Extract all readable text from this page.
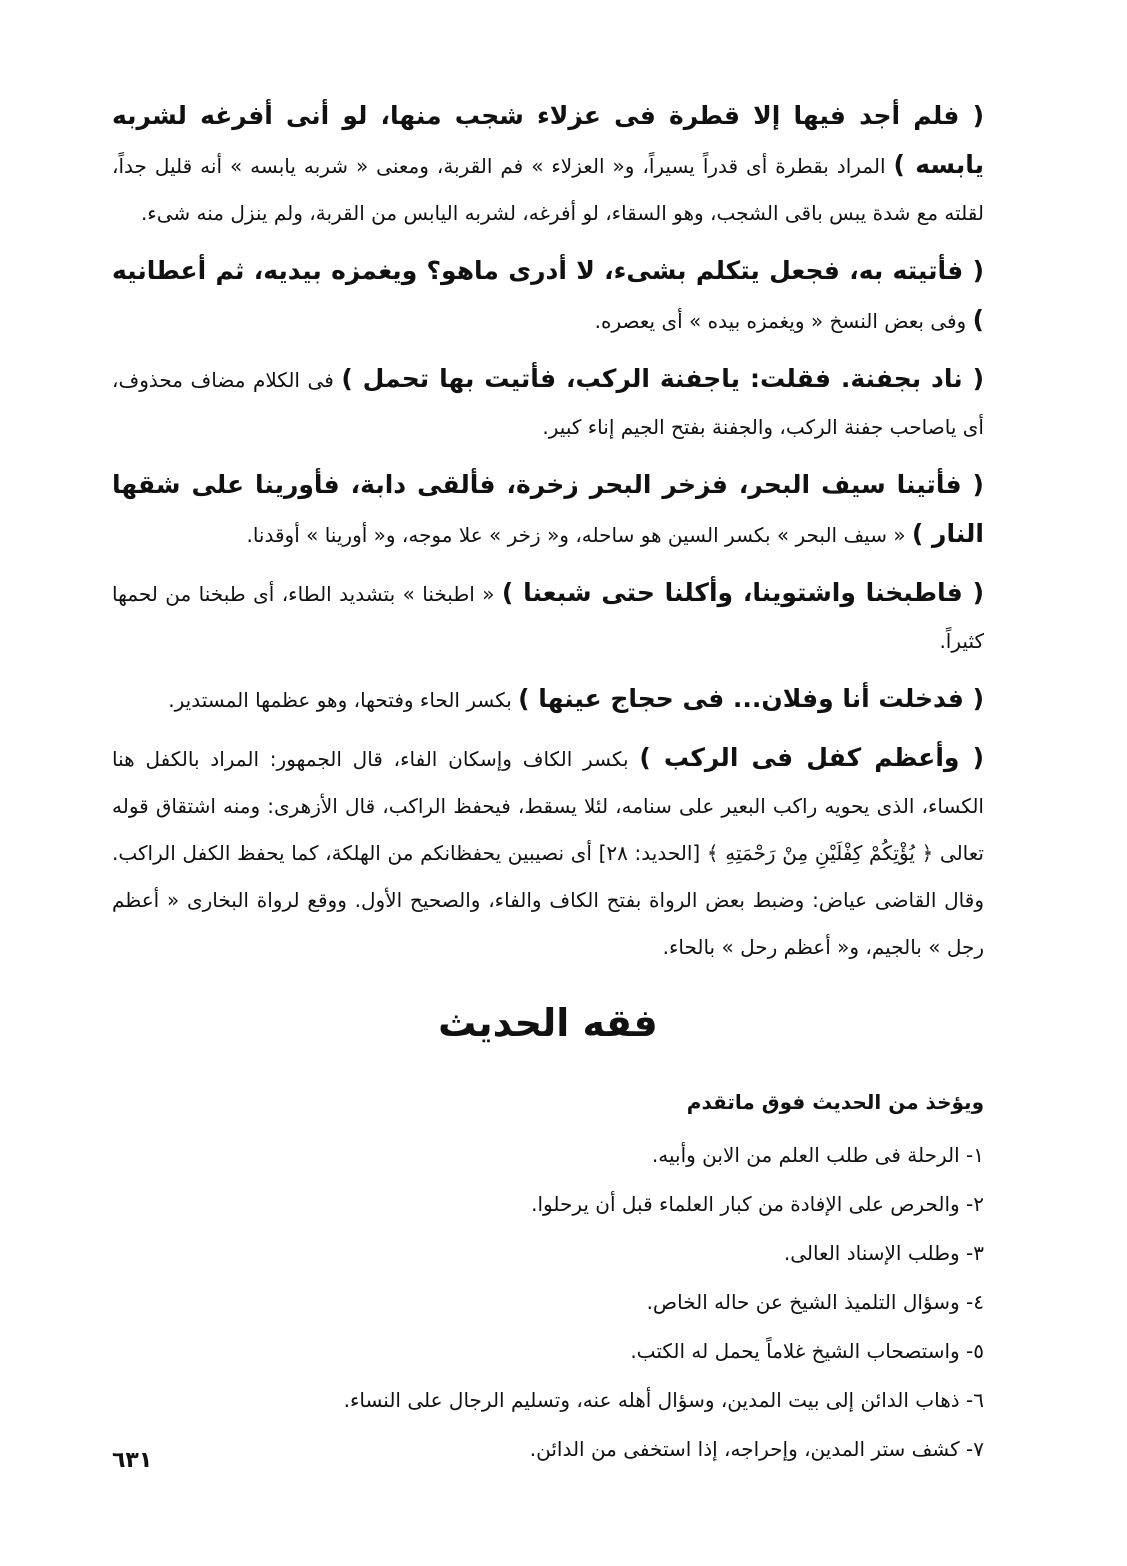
( فلم أجد فيها إلا قطرة فى عزلاء شجب منها، لو أنى أفرغه لشربه يابسه ) المراد بقطرة أى قدراً يسيراً، و« العزلاء » فم القربة، ومعنى « شربه يابسه » أنه قليل جداً، لقلته مع شدة يبس باقى الشجب، وهو السقاء، لو أفرغه، لشربه اليابس من القربة، ولم ينزل منه شىء.

( فأتيته به، فجعل يتكلم بشىء، لا أدرى ماهو؟ ويغمزه بيديه، ثم أعطانيه ) وفى بعض النسخ « ويغمزه بيده » أى يعصره.

( ناد بجفنة. فقلت: ياجفنة الركب، فأتيت بها تحمل ) فى الكلام مضاف محذوف، أى ياصاحب جفنة الركب، والجفنة بفتح الجيم إناء كبير.

( فأتينا سيف البحر، فزخر البحر زخرة، فألقى دابة، فأورينا على شقها النار ) « سيف البحر » بكسر السين هو ساحله، و« زخر » علا موجه، و« أورينا » أوقدنا.

( فاطبخنا واشتوينا، وأكلنا حتى شبعنا ) « اطبخنا » بتشديد الطاء، أى طبخنا من لحمها كثيراً.

( فدخلت أنا وفلان... فى حجاج عينها ) بكسر الحاء وفتحها، وهو عظمها المستدير.

( وأعظم كفل فى الركب ) بكسر الكاف وإسكان الفاء، قال الجمهور: المراد بالكفل هنا الكساء، الذى يحويه راكب البعير على سنامه، لئلا يسقط، فيحفظ الراكب، قال الأزهرى: ومنه اشتقاق قوله تعالى ﴿ يُؤْتِكُمْ كِفْلَيْنِ مِنْ رَحْمَتِهِ ﴾ [الحديد: ٢٨] أى نصيبين يحفظانكم من الهلكة، كما يحفظ الكفل الراكب. وقال القاضى عياض: وضبط بعض الرواة بفتح الكاف والفاء، والصحيح الأول. ووقع لرواة البخارى « أعظم رجل » بالجيم، و« أعظم رحل » بالحاء.

فقه الحديث
ويؤخذ من الحديث فوق ماتقدم
١- الرحلة فى طلب العلم من الابن وأبيه.
٢- والحرص على الإفادة من كبار العلماء قبل أن يرحلوا.
٣- وطلب الإسناد العالى.
٤- وسؤال التلميذ الشيخ عن حاله الخاص.
٥- واستصحاب الشيخ غلاماً يحمل له الكتب.
٦- ذهاب الدائن إلى بيت المدين، وسؤال أهله عنه، وتسليم الرجال على النساء.
٧- كشف ستر المدين، وإحراجه، إذا استخفى من الدائن.
٦٣١
